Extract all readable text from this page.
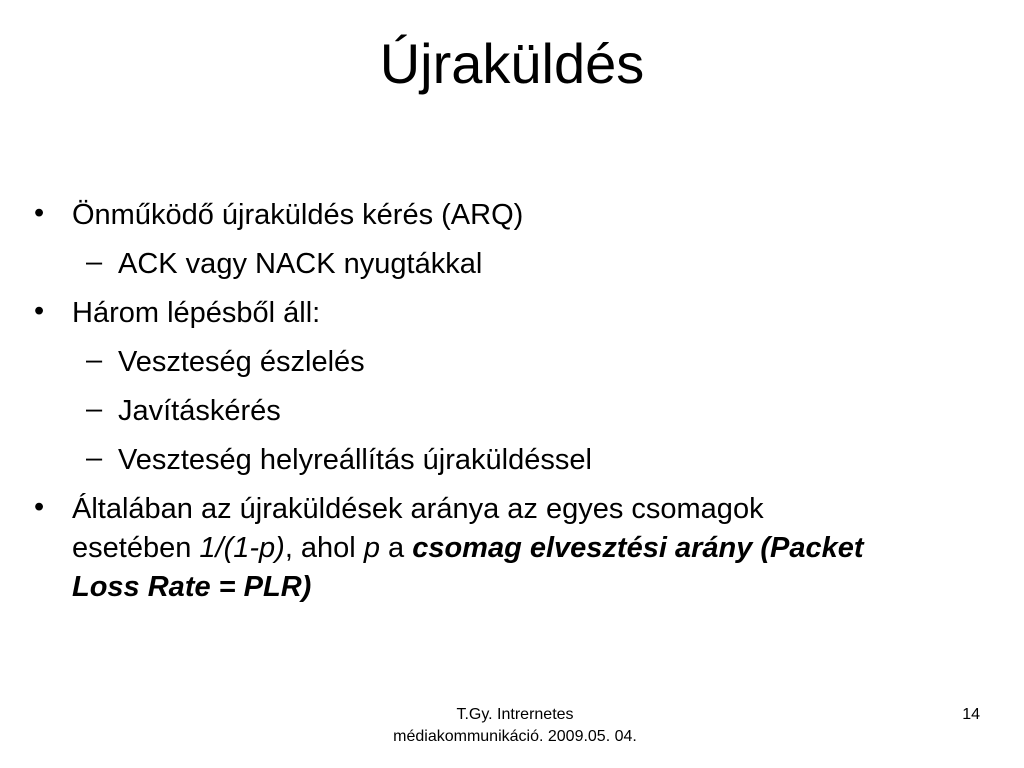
Újraküldés
• Önműködő újraküldés kérés (ARQ)
– ACK vagy NACK nyugtákkal
• Három lépésből áll:
– Veszteség észlelés
– Javításkérés
– Veszteség helyreállítás újraküldéssel
• Általában az újraküldések aránya az egyes csomagok
esetében 1/(1-p), ahol p a csomag elvesztési arány (Packet
Loss Rate = PLR)
T.Gy. Intrernetes
médiakommunikáció. 2009.05. 04.
14
